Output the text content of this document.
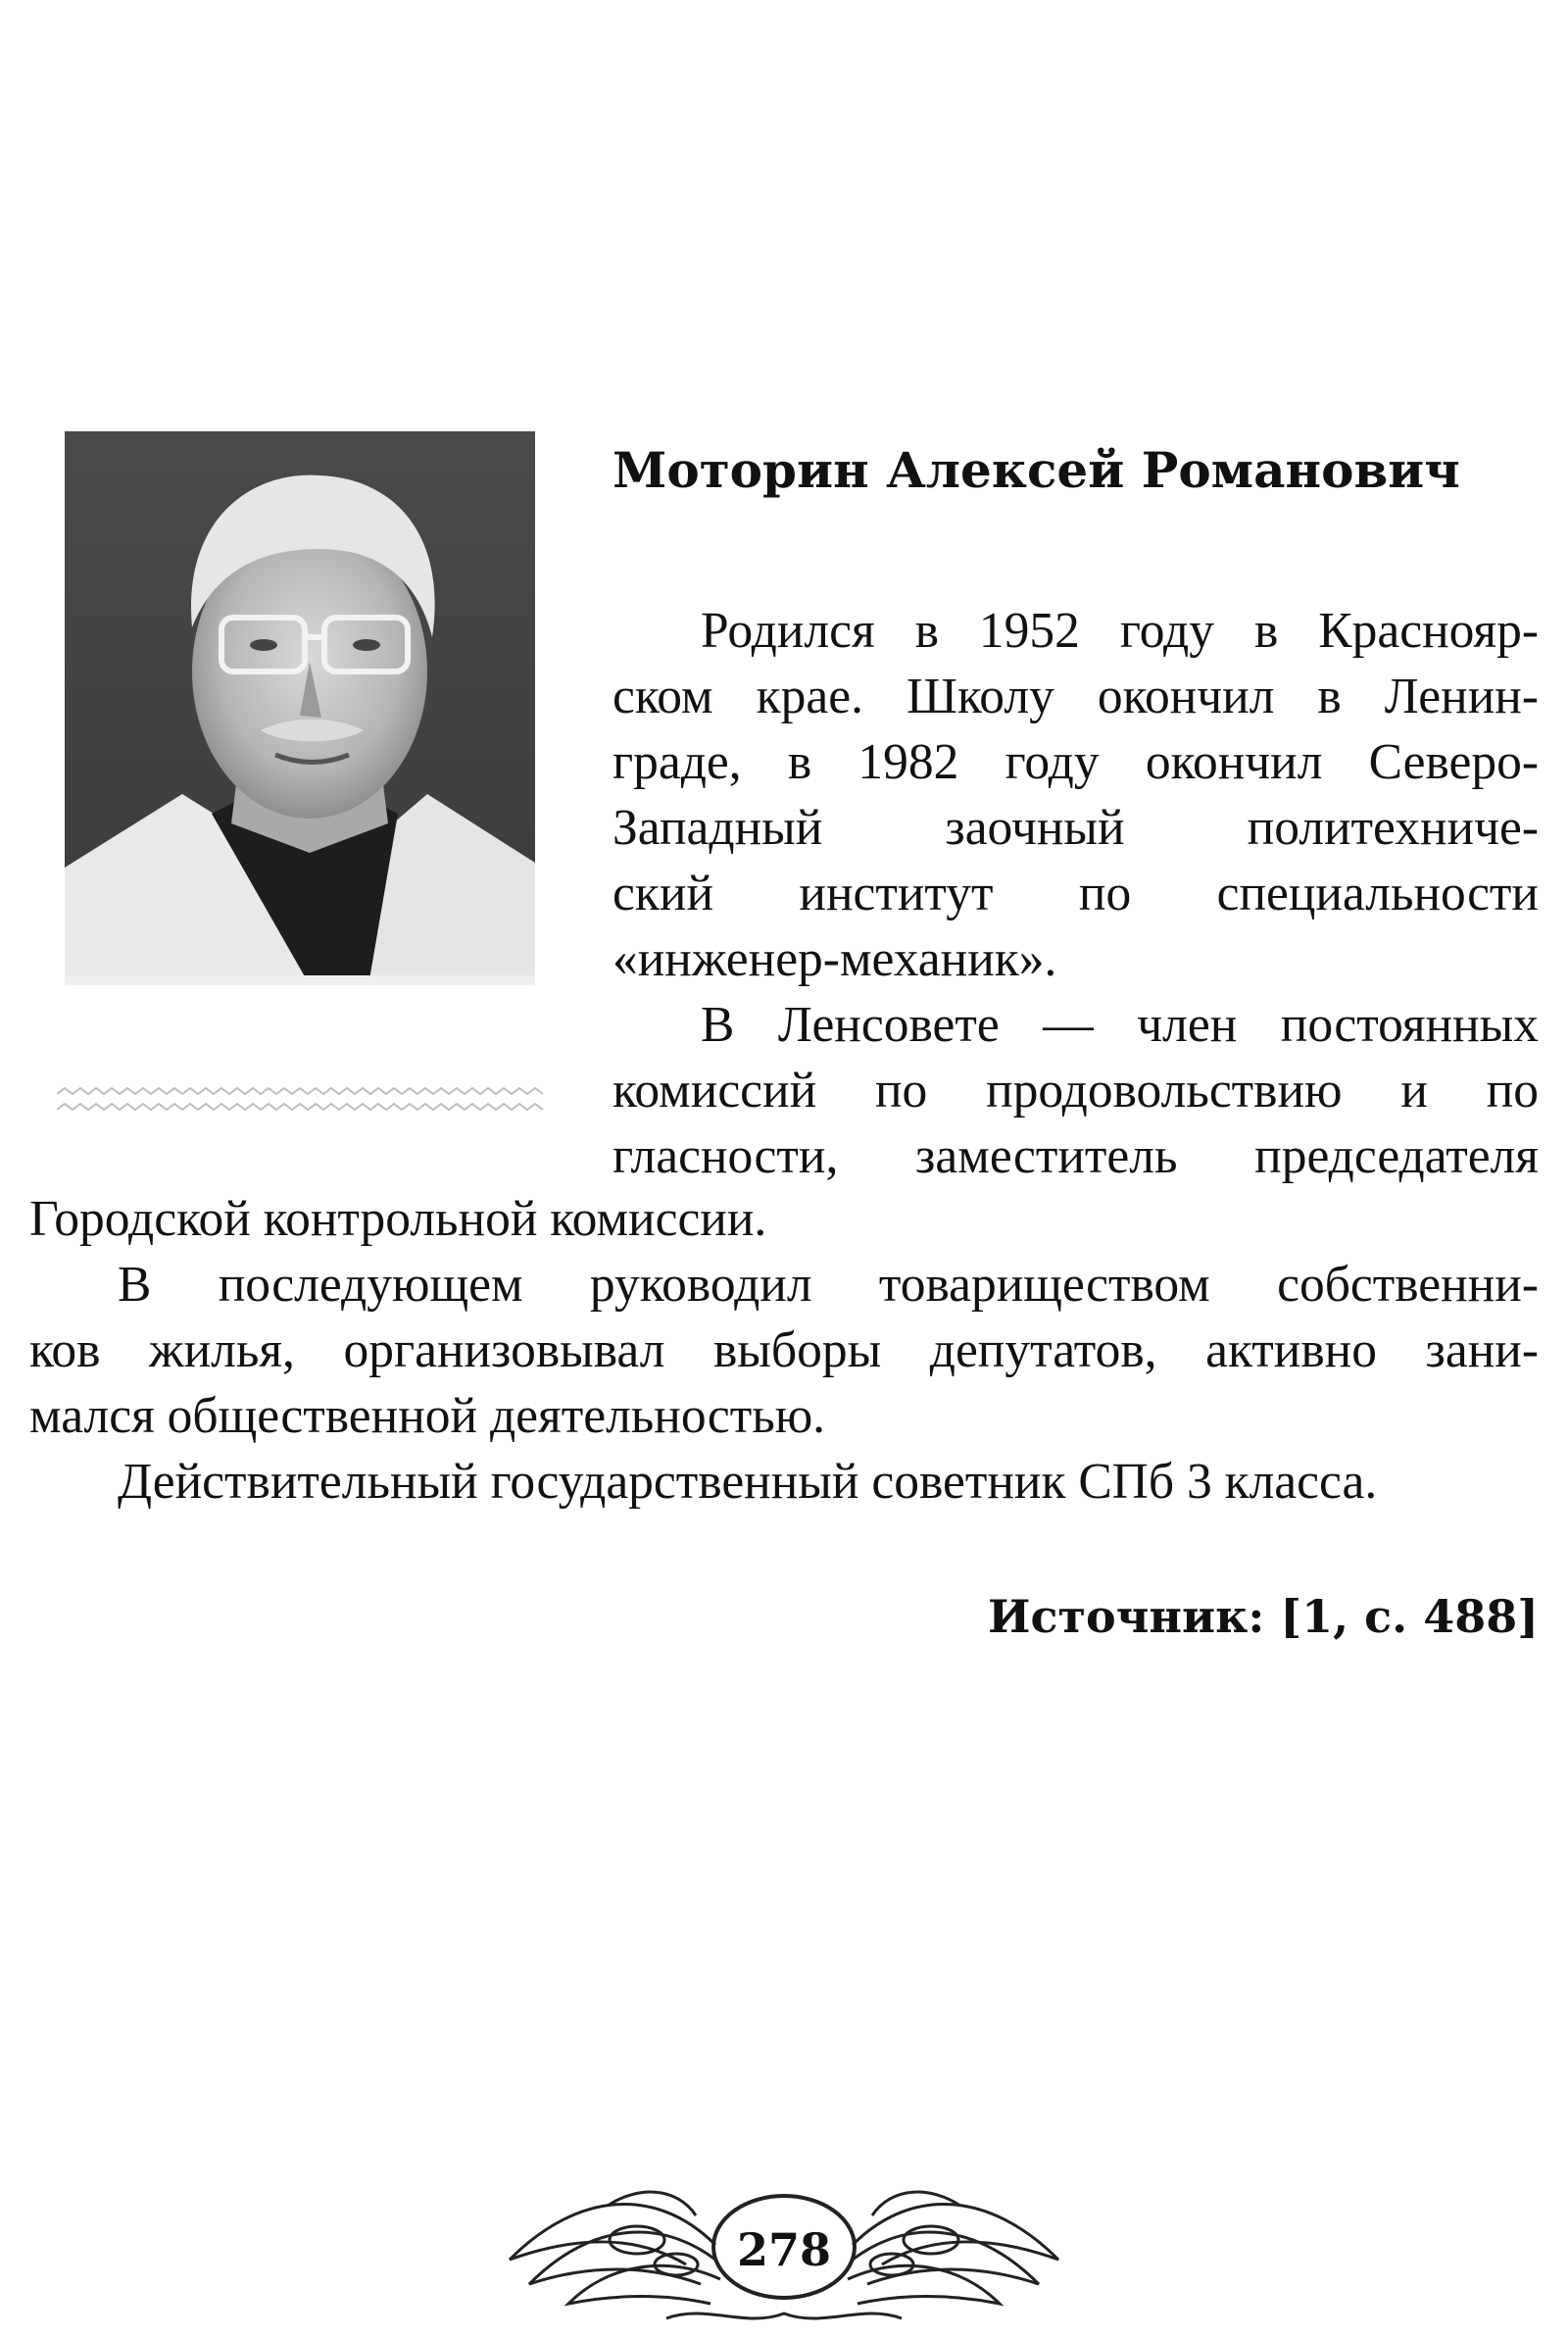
Моторин Алексей Романович
Родился в 1952 году в Краснояр-
ском крае. Школу окончил в Ленин-
граде, в 1982 году окончил Северо-
Западный заочный политехниче-
ский институт по специальности
«инженер-механик».
В Ленсовете — член постоянных
комиссий по продовольствию и по
гласности, заместитель председателя
Городской контрольной комиссии.
В последующем руководил товариществом собственни-
ков жилья, организовывал выборы депутатов, активно зани-
мался общественной деятельностью.
Действительный государственный советник СПб 3 класса.

Источник: [1, с. 488]

278
